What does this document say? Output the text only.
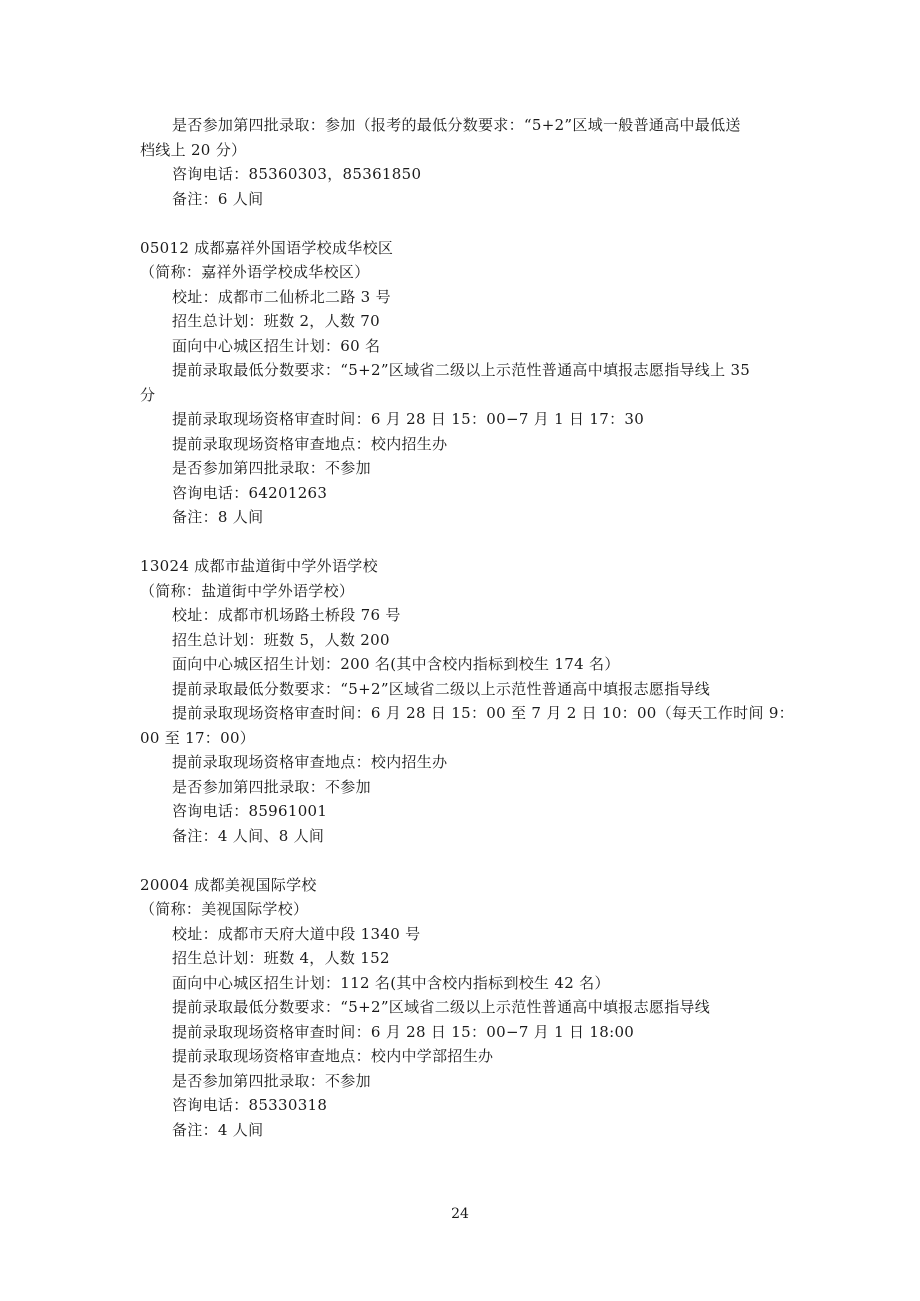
是否参加第四批录取：参加（报考的最低分数要求：“5+2”区域一般普通高中最低送
档线上 20 分）
咨询电话：85360303，85361850
备注：6 人间
05012 成都嘉祥外国语学校成华校区
（简称：嘉祥外语学校成华校区）
校址：成都市二仙桥北二路 3 号
招生总计划：班数 2，人数 70
面向中心城区招生计划：60 名
提前录取最低分数要求：“5+2”区域省二级以上示范性普通高中填报志愿指导线上 35
分
提前录取现场资格审查时间：6 月 28 日 15：00−7 月 1 日 17：30
提前录取现场资格审查地点：校内招生办
是否参加第四批录取：不参加
咨询电话：64201263
备注：8 人间
13024 成都市盐道街中学外语学校
（简称：盐道街中学外语学校）
校址：成都市机场路土桥段 76 号
招生总计划：班数 5，人数 200
面向中心城区招生计划：200 名(其中含校内指标到校生 174 名）
提前录取最低分数要求：“5+2”区域省二级以上示范性普通高中填报志愿指导线
提前录取现场资格审查时间：6 月 28 日 15：00 至 7 月 2 日 10：00（每天工作时间 9：
00 至 17：00）
提前录取现场资格审查地点：校内招生办
是否参加第四批录取：不参加
咨询电话：85961001
备注：4 人间、8 人间
20004 成都美视国际学校
（简称：美视国际学校）
校址：成都市天府大道中段 1340 号
招生总计划：班数 4，人数 152
面向中心城区招生计划：112 名(其中含校内指标到校生 42 名）
提前录取最低分数要求：“5+2”区域省二级以上示范性普通高中填报志愿指导线
提前录取现场资格审查时间：6 月 28 日 15：00−7 月 1 日 18:00
提前录取现场资格审查地点：校内中学部招生办
是否参加第四批录取：不参加
咨询电话：85330318
备注：4 人间
24
